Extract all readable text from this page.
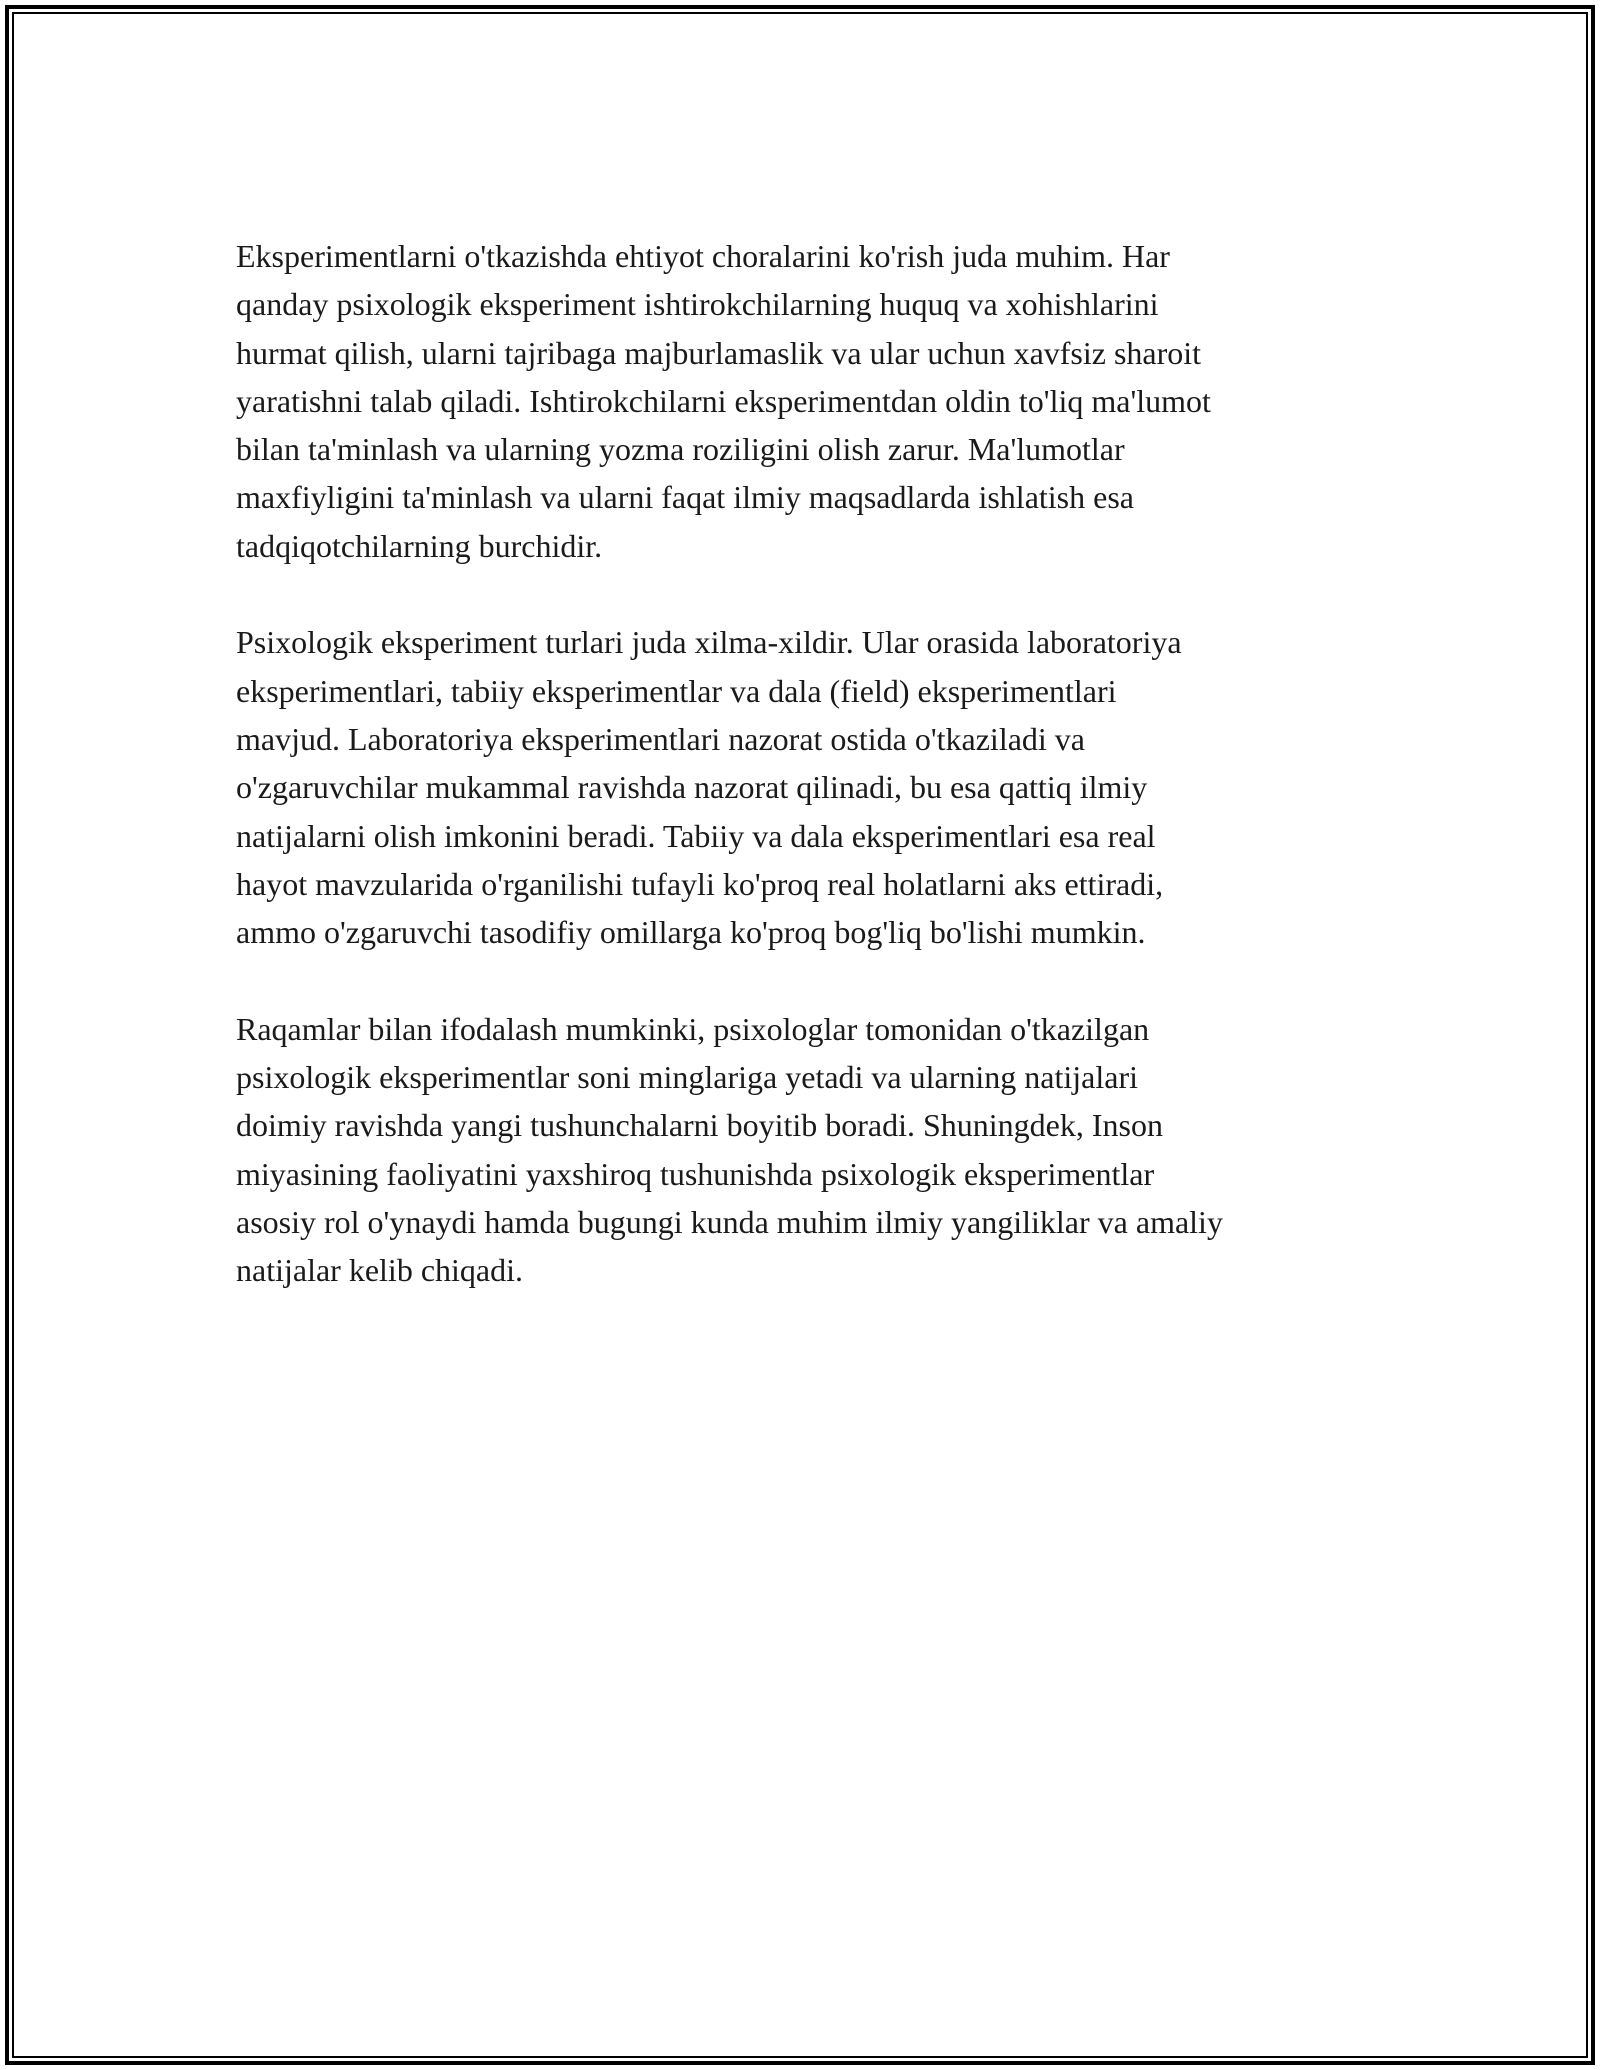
Eksperimentlarni o'tkazishda ehtiyot choralarini ko'rish juda muhim. Har
qanday psixologik eksperiment ishtirokchilarning huquq va xohishlarini
hurmat qilish, ularni tajribaga majburlamaslik va ular uchun xavfsiz sharoit
yaratishni talab qiladi. Ishtirokchilarni eksperimentdan oldin to'liq ma'lumot
bilan ta'minlash va ularning yozma roziligini olish zarur. Ma'lumotlar
maxfiyligini ta'minlash va ularni faqat ilmiy maqsadlarda ishlatish esa
tadqiqotchilarning burchidir.

Psixologik eksperiment turlari juda xilma-xildir. Ular orasida laboratoriya
eksperimentlari, tabiiy eksperimentlar va dala (field) eksperimentlari
mavjud. Laboratoriya eksperimentlari nazorat ostida o'tkaziladi va
o'zgaruvchilar mukammal ravishda nazorat qilinadi, bu esa qattiq ilmiy
natijalarni olish imkonini beradi. Tabiiy va dala eksperimentlari esa real
hayot mavzularida o'rganilishi tufayli ko'proq real holatlarni aks ettiradi,
ammo o'zgaruvchi tasodifiy omillarga ko'proq bog'liq bo'lishi mumkin.

Raqamlar bilan ifodalash mumkinki, psixologlar tomonidan o'tkazilgan
psixologik eksperimentlar soni minglariga yetadi va ularning natijalari
doimiy ravishda yangi tushunchalarni boyitib boradi. Shuningdek, Inson
miyasining faoliyatini yaxshiroq tushunishda psixologik eksperimentlar
asosiy rol o'ynaydi hamda bugungi kunda muhim ilmiy yangiliklar va amaliy
natijalar kelib chiqadi.
